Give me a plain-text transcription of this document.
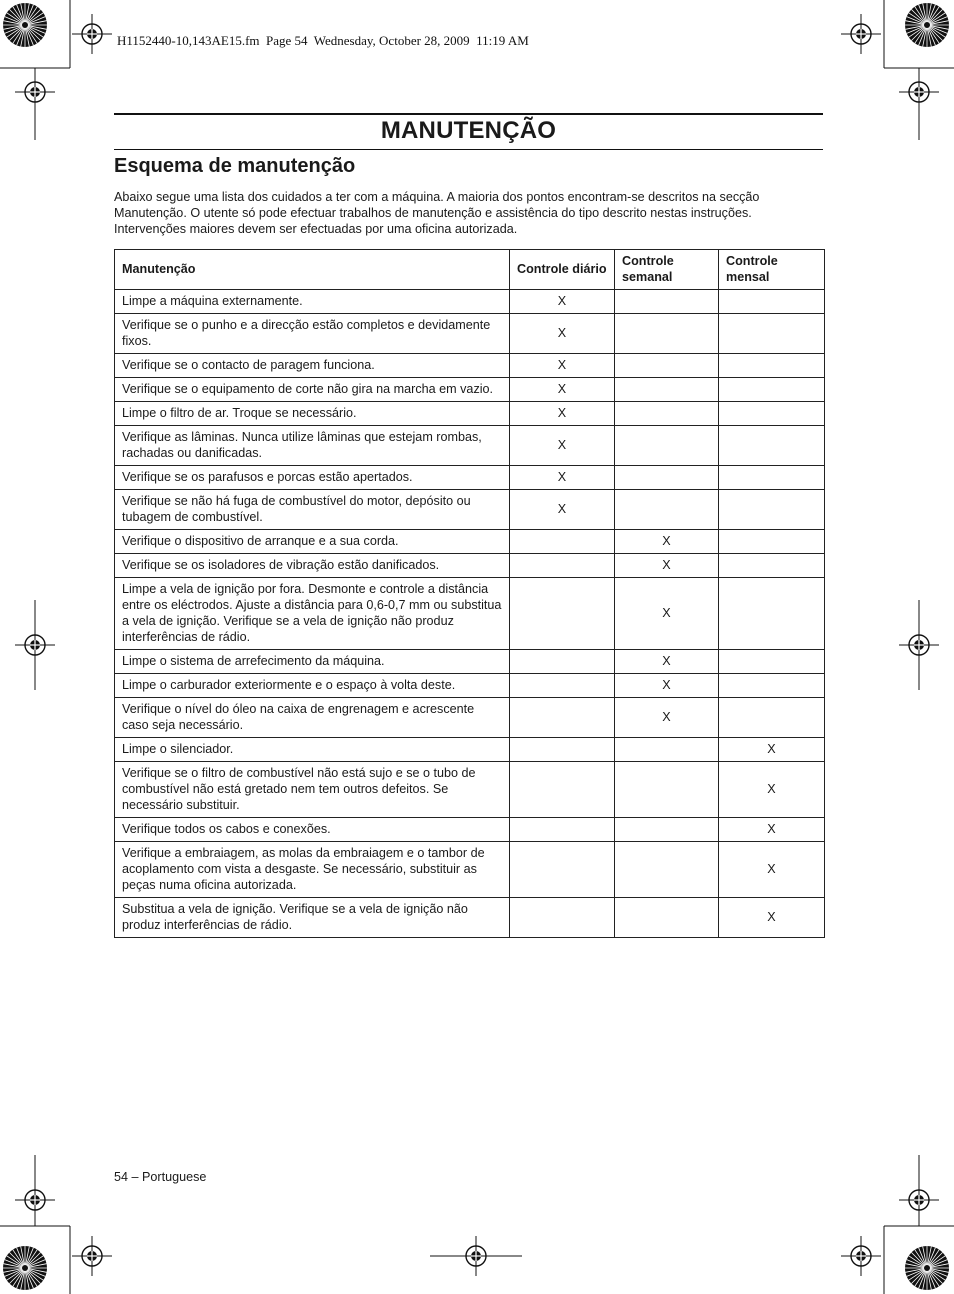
H1152440-10,143AE15.fm  Page 54  Wednesday, October 28, 2009  11:19 AM
MANUTENÇÃO
Esquema de manutenção
Abaixo segue uma lista dos cuidados a ter com a máquina. A maioria dos pontos encontram-se descritos na secção
Manutenção. O utente só pode efectuar trabalhos de manutenção e assistência do tipo descrito nestas instruções.
Intervenções maiores devem ser efectuadas por uma oficina autorizada.
Manutenção	Controle diário	Controle semanal	Controle mensal
Limpe a máquina externamente.	X		
Verifique se o punho e a direcção estão completos e devidamente fixos.	X		
Verifique se o contacto de paragem funciona.	X		
Verifique se o equipamento de corte não gira na marcha em vazio.	X		
Limpe o filtro de ar. Troque se necessário.	X		
Verifique as lâminas. Nunca utilize lâminas que estejam rombas, rachadas ou danificadas.	X		
Verifique se os parafusos e porcas estão apertados.	X		
Verifique se não há fuga de combustível do motor, depósito ou tubagem de combustível.	X		
Verifique o dispositivo de arranque e a sua corda.		X	
Verifique se os isoladores de vibração estão danificados.		X	
Limpe a vela de ignição por fora. Desmonte e controle a distância entre os eléctrodos. Ajuste a distância para 0,6-0,7 mm ou substitua a vela de ignição. Verifique se a vela de ignição não produz interferências de rádio.		X	
Limpe o sistema de arrefecimento da máquina.		X	
Limpe o carburador exteriormente e o espaço à volta deste.		X	
Verifique o nível do óleo na caixa de engrenagem e acrescente caso seja necessário.		X	
Limpe o silenciador.			X
Verifique se o filtro de combustível não está sujo e se o tubo de combustível não está gretado nem tem outros defeitos. Se necessário substituir.			X
Verifique todos os cabos e conexões.			X
Verifique a embraiagem, as molas da embraiagem e o tambor de acoplamento com vista a desgaste. Se necessário, substituir as peças numa oficina autorizada.			X
Substitua a vela de ignição. Verifique se a vela de ignição não produz interferências de rádio.			X
54 – Portuguese
